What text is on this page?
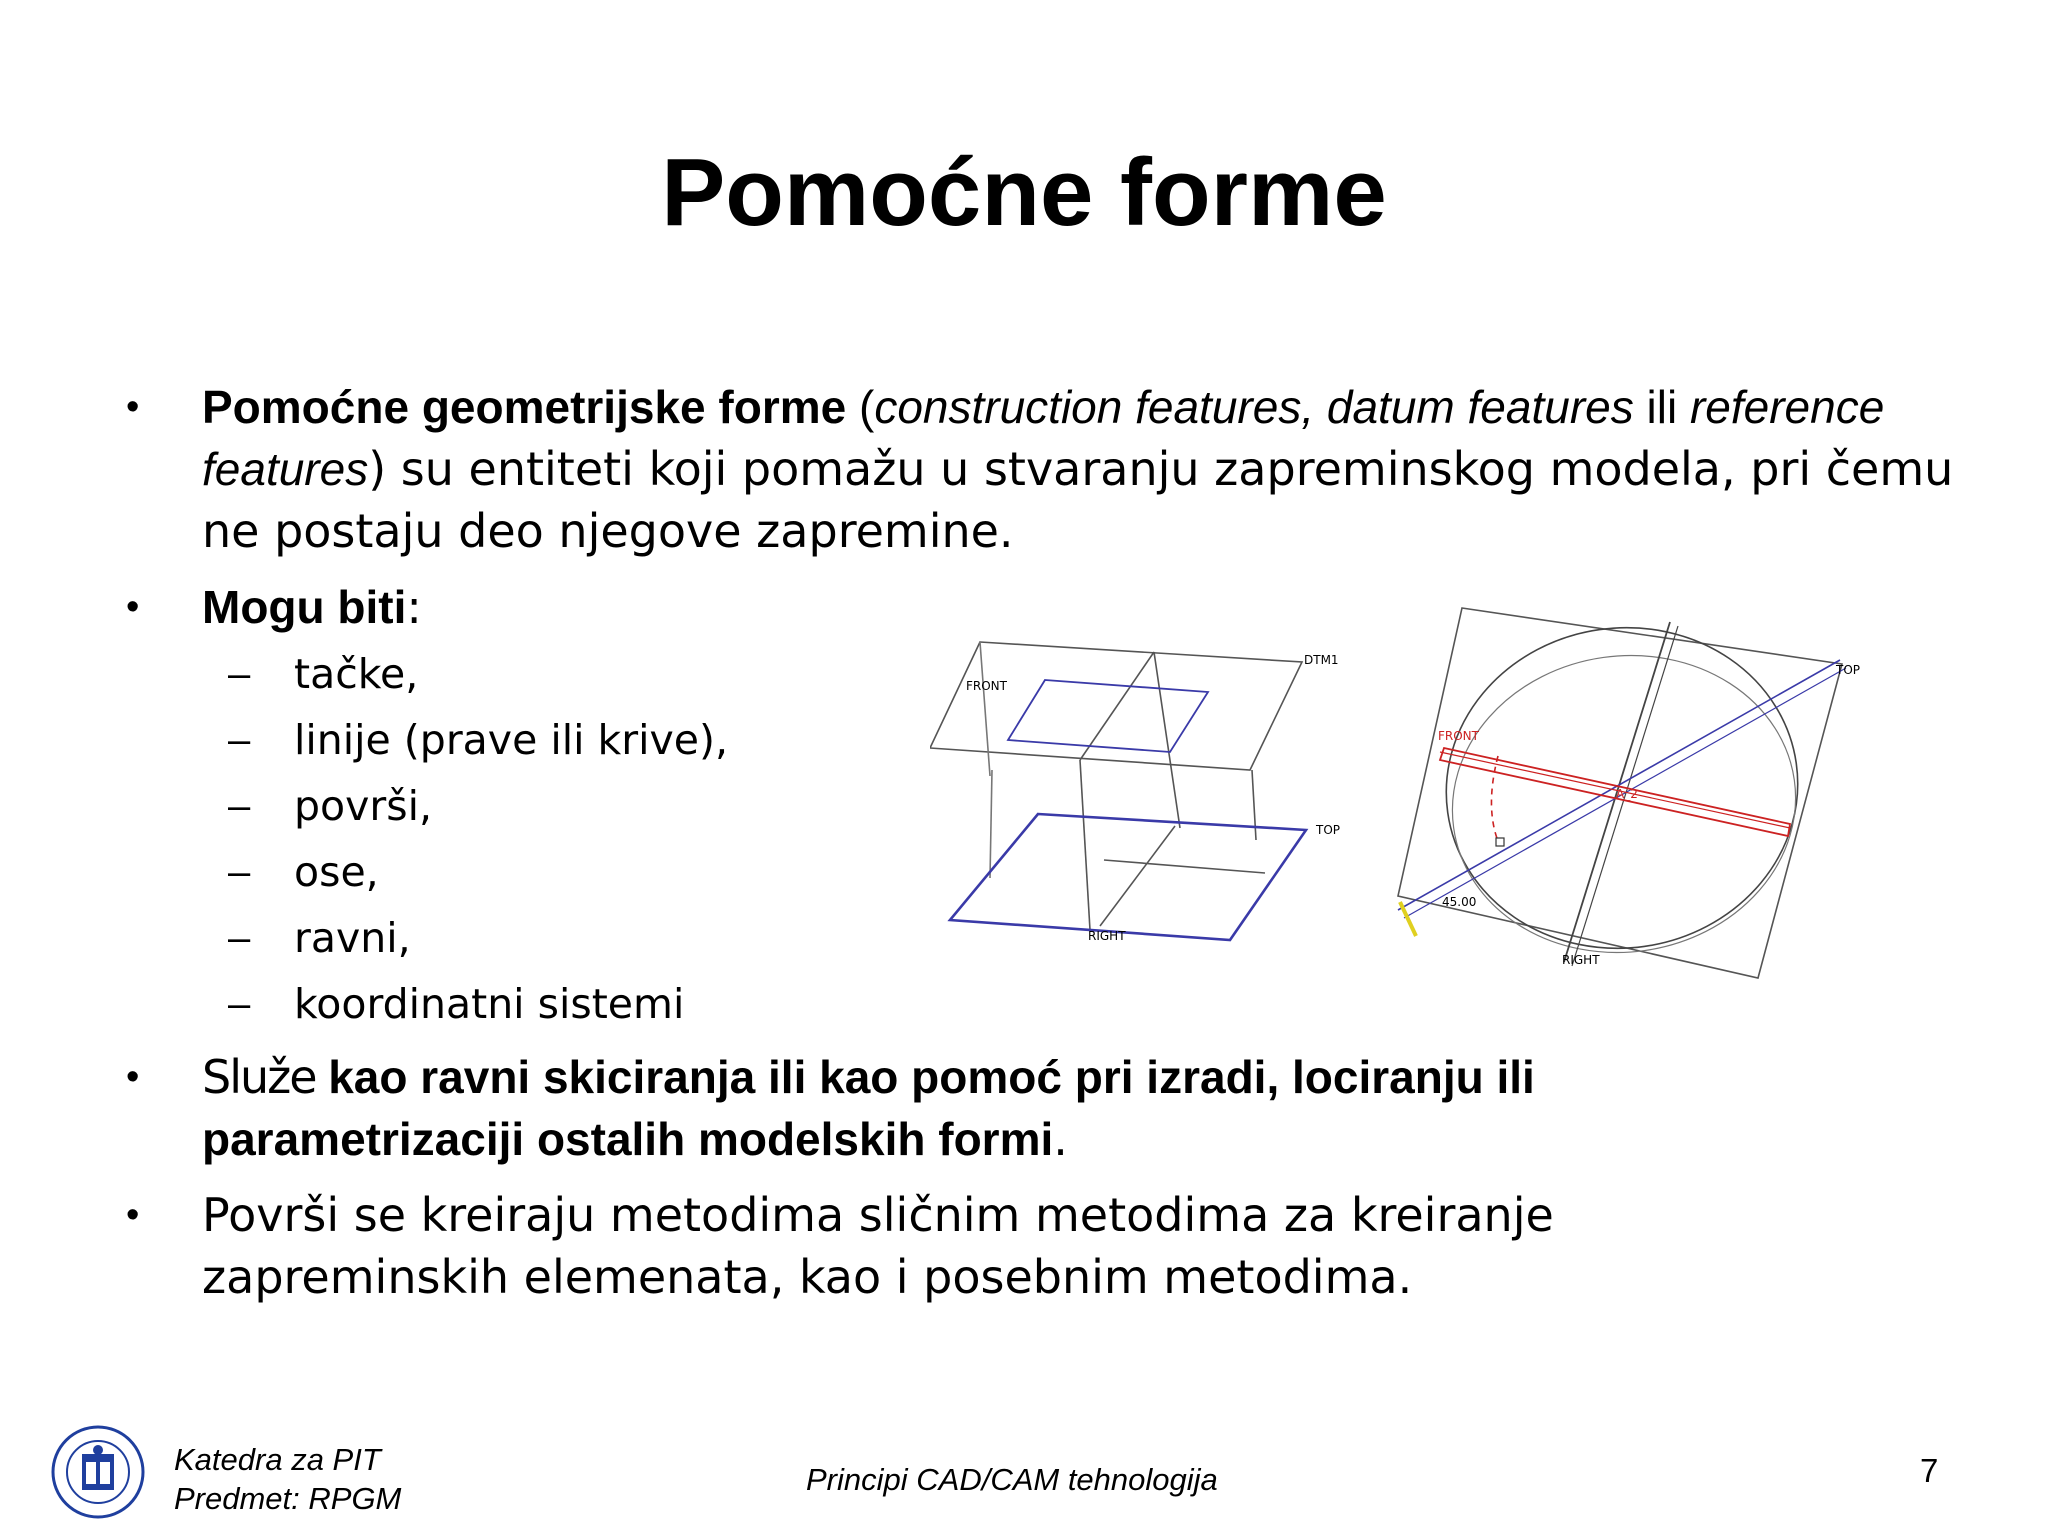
Pomoćne forme
•	Pomoćne geometrijske forme (construction features, datum features ili reference features) su entiteti koji pomažu u stvaranju zapreminskog modela, pri čemu ne postaju deo njegove zapremine.
•	Mogu biti:
– tačke,
– linije (prave ili krive),
– površi,
– ose,
– ravni,
– koordinatni sistemi
•	Služe kao ravni skiciranja ili kao pomoć pri izradi, lociranju ili parametrizaciji ostalih modelskih formi.
•	Površi se kreiraju metodima sličnim metodima za kreiranje zapreminskih elemenata, kao i posebnim metodima.
DTM1
FRONT
TOP
RIGHT
TOP
FRONT
RIGHT
45.00
A_2
Katedra za PIT
Predmet: RPGM
Principi CAD/CAM tehnologija	7
